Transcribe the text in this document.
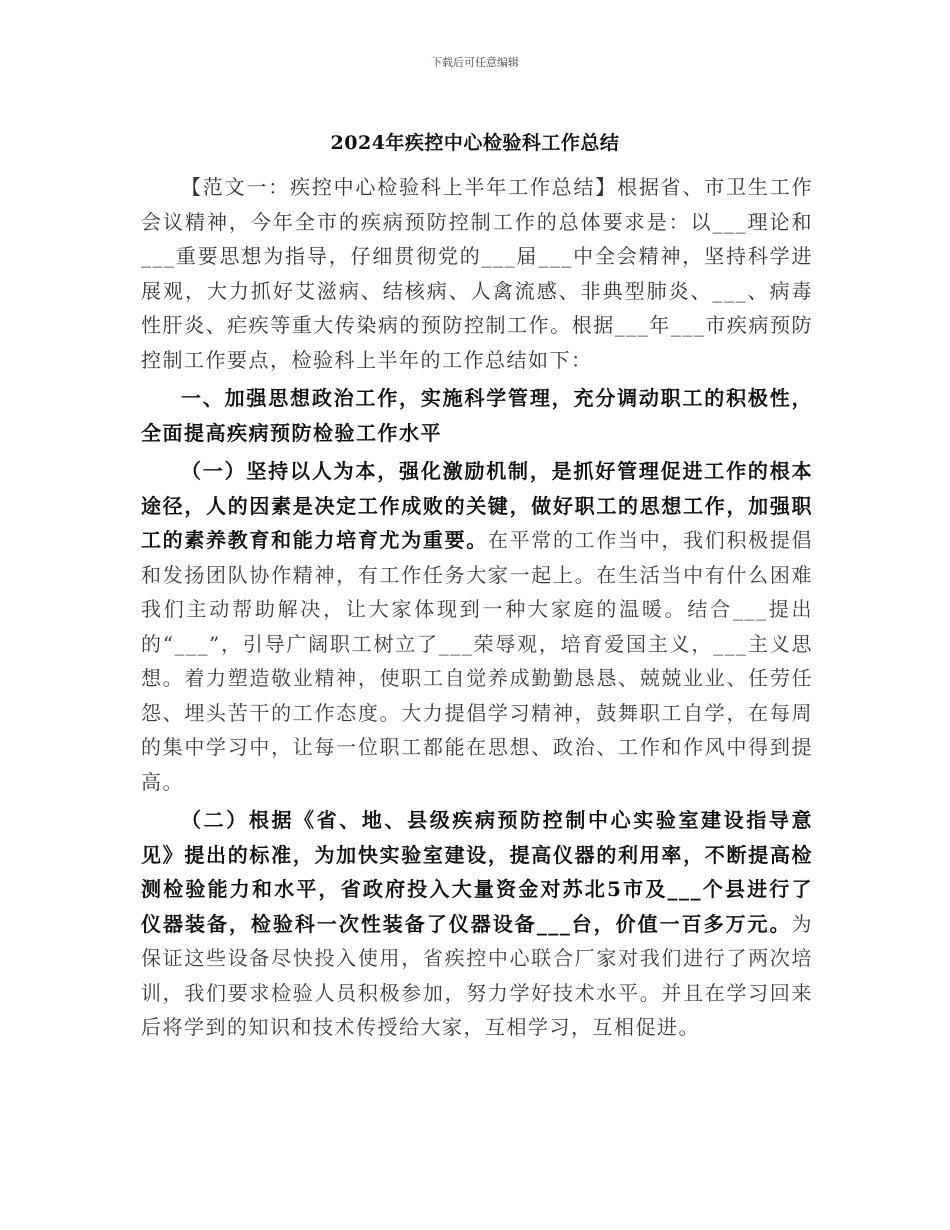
下载后可任意编辑
2024年疾控中心检验科工作总结

【范文一：疾控中心检验科上半年工作总结】根据省、市卫生工作会议精神，今年全市的疾病预防控制工作的总体要求是：以___理论和___重要思想为指导，仔细贯彻党的___届___中全会精神，坚持科学进展观，大力抓好艾滋病、结核病、人禽流感、非典型肺炎、___、病毒性肝炎、疟疾等重大传染病的预防控制工作。根据___年___市疾病预防控制工作要点，检验科上半年的工作总结如下：

一、加强思想政治工作，实施科学管理，充分调动职工的积极性，全面提高疾病预防检验工作水平

（一）坚持以人为本，强化激励机制，是抓好管理促进工作的根本途径，人的因素是决定工作成败的关键，做好职工的思想工作，加强职工的素养教育和能力培育尤为重要。在平常的工作当中，我们积极提倡和发扬团队协作精神，有工作任务大家一起上。在生活当中有什么困难我们主动帮助解决，让大家体现到一种大家庭的温暖。结合___提出的“___”，引导广阔职工树立了___荣辱观，培育爱国主义，___主义思想。着力塑造敬业精神，使职工自觉养成勤勤恳恳、兢兢业业、任劳任怨、埋头苦干的工作态度。大力提倡学习精神，鼓舞职工自学，在每周的集中学习中，让每一位职工都能在思想、政治、工作和作风中得到提高。

（二）根据《省、地、县级疾病预防控制中心实验室建设指导意见》提出的标准，为加快实验室建设，提高仪器的利用率，不断提高检测检验能力和水平，省政府投入大量资金对苏北5市及___个县进行了仪器装备，检验科一次性装备了仪器设备___台，价值一百多万元。为保证这些设备尽快投入使用，省疾控中心联合厂家对我们进行了两次培训，我们要求检验人员积极参加，努力学好技术水平。并且在学习回来后将学到的知识和技术传授给大家，互相学习，互相促进。
